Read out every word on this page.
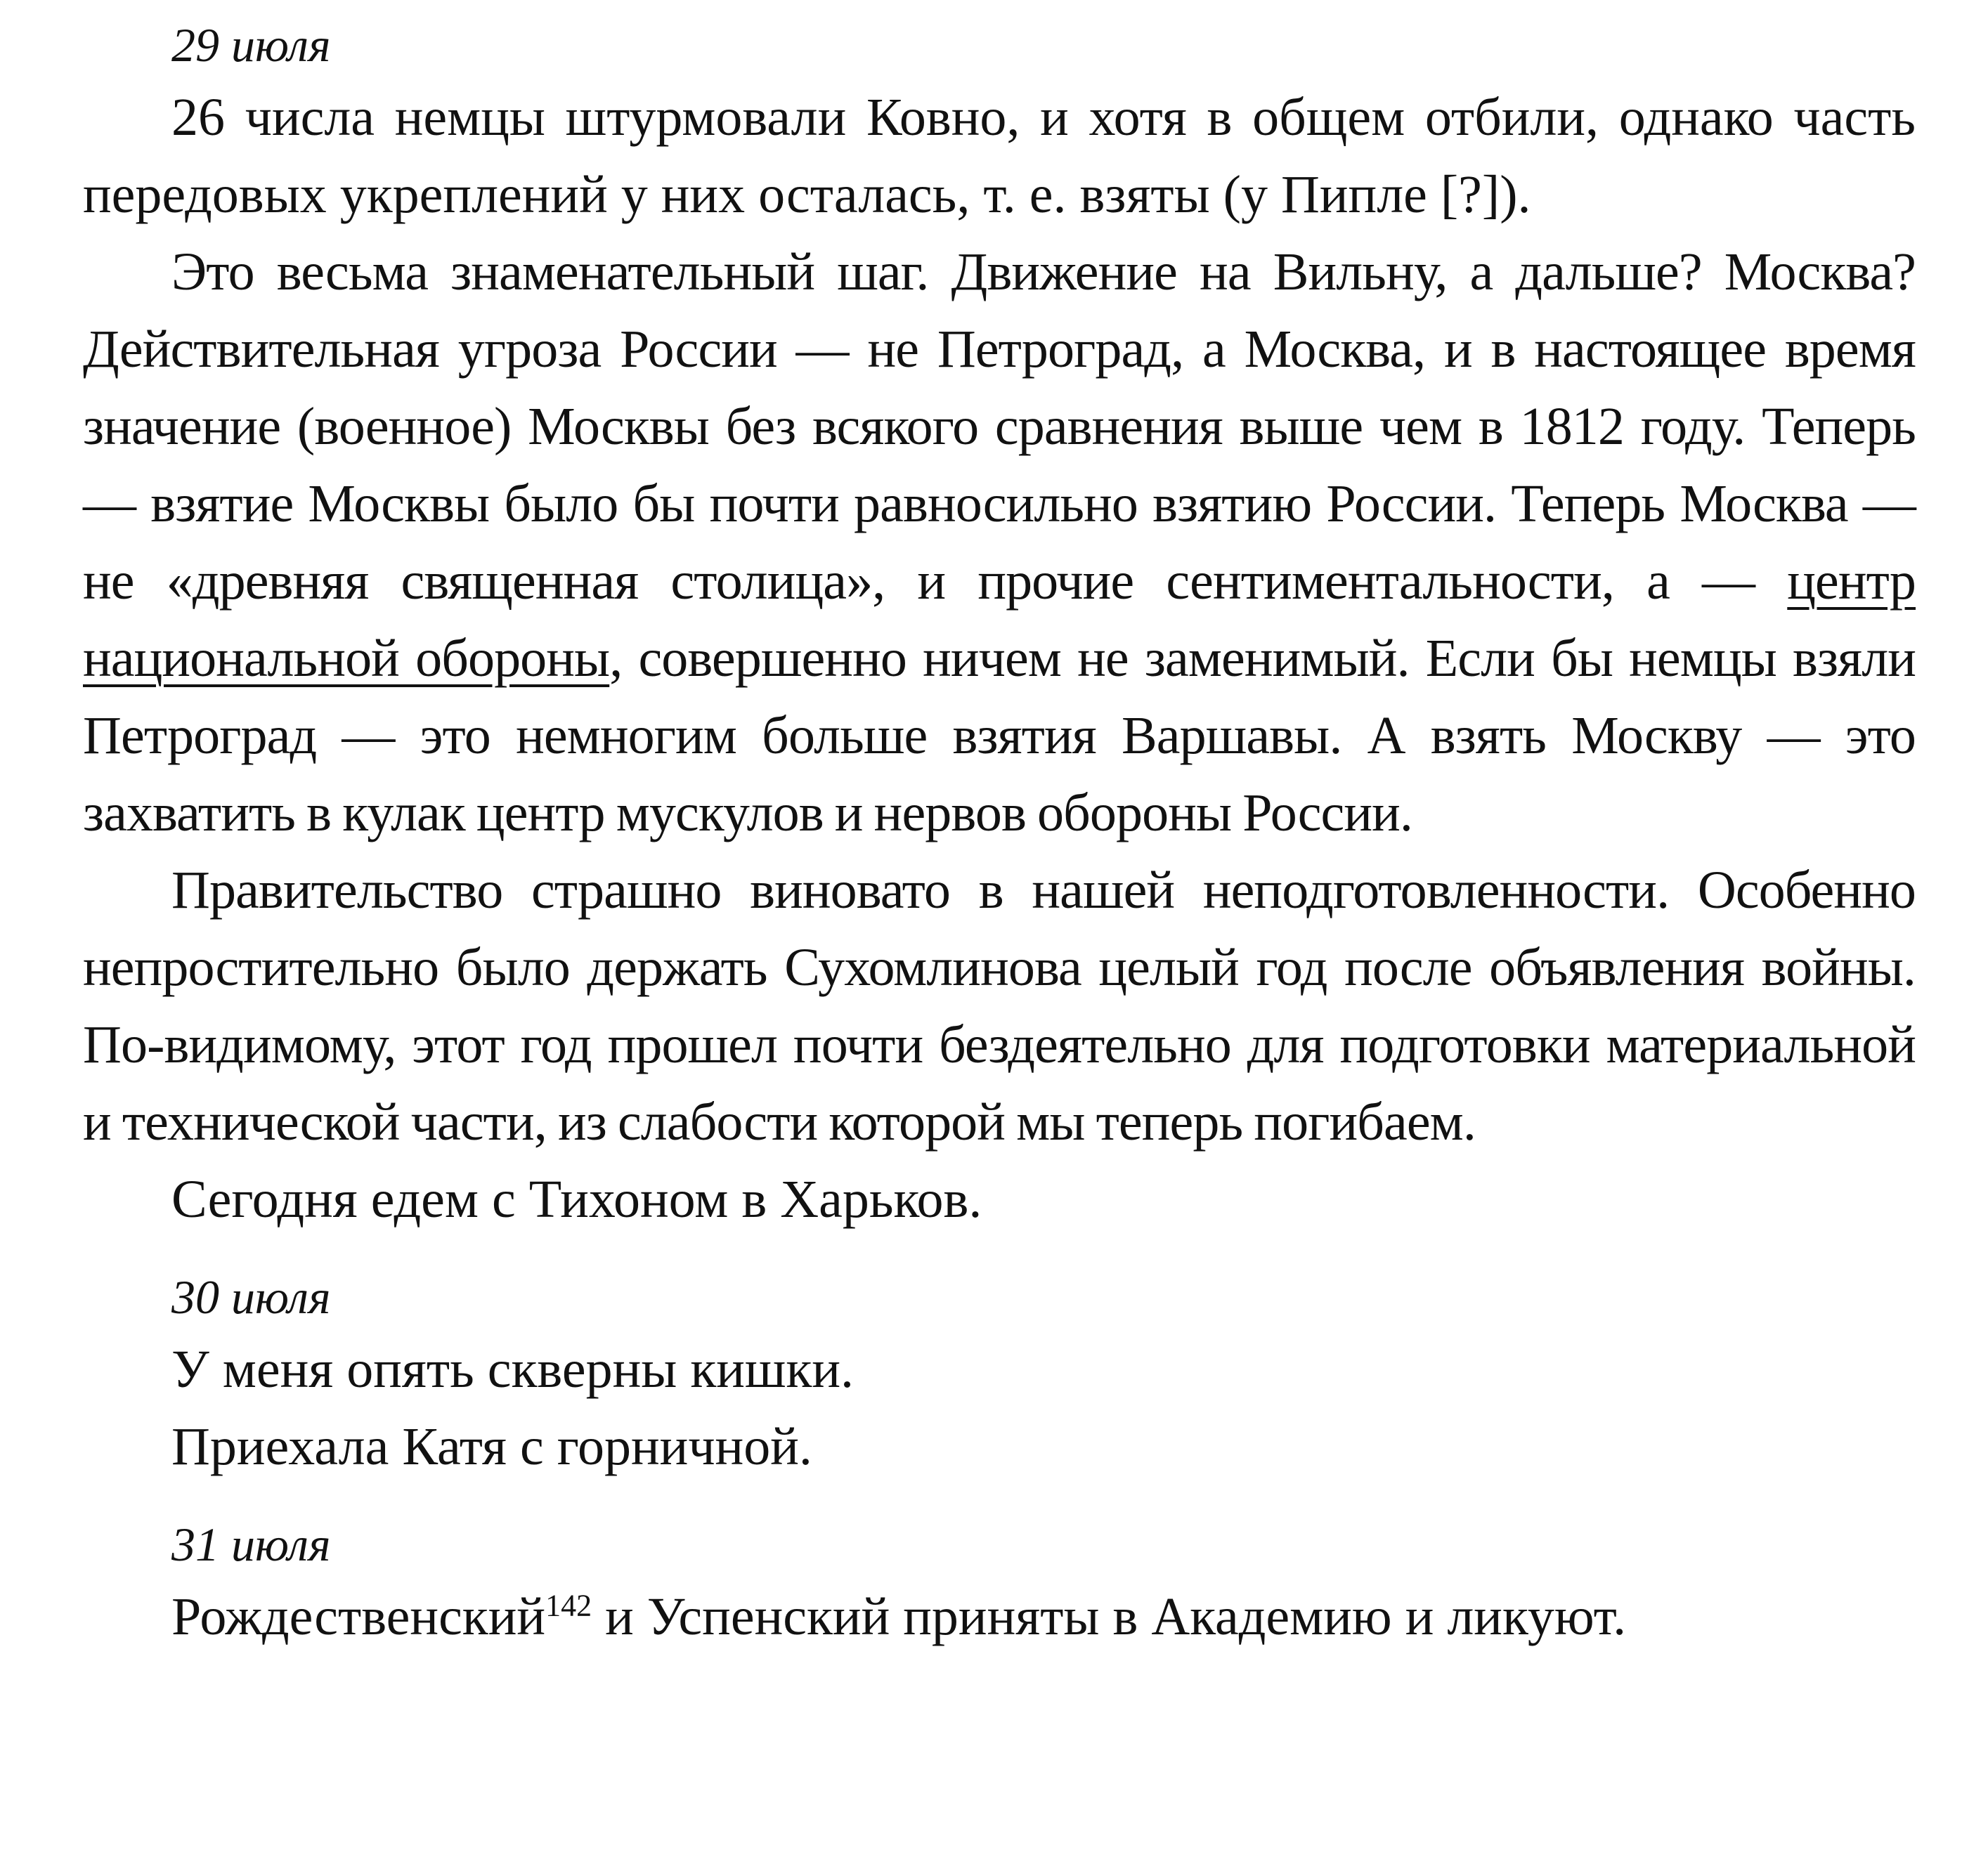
29 июля

26 числа немцы штурмовали Ковно, и хотя в общем отбили, однако часть передовых укреплений у них осталась, т. е. взяты (у Пипле [?]).

Это весьма знаменательный шаг. Движение на Вильну, а дальше? Москва? Действительная угроза России — не Петроград, а Москва, и в настоящее время значение (военное) Москвы без всякого сравнения выше чем в 1812 году. Теперь — взятие Москвы было бы почти равносильно взятию России. Теперь Москва — не «древняя священная столица», и прочие сентиментальности, а — центр национальной обороны, совершенно ничем не заменимый. Если бы немцы взяли Петроград — это немногим больше взятия Варшавы. А взять Москву — это захватить в кулак центр мускулов и нервов обороны России.

Правительство страшно виновато в нашей неподготовленности. Особенно непростительно было держать Сухомлинова целый год после объявления войны. По-видимому, этот год прошел почти бездеятельно для подготовки материальной и технической части, из слабости которой мы теперь погибаем.

Сегодня едем с Тихоном в Харьков.

30 июля

У меня опять скверны кишки.

Приехала Катя с горничной.

31 июля

Рождественский$^{142}$ и Успенский приняты в Академию и ликуют.
